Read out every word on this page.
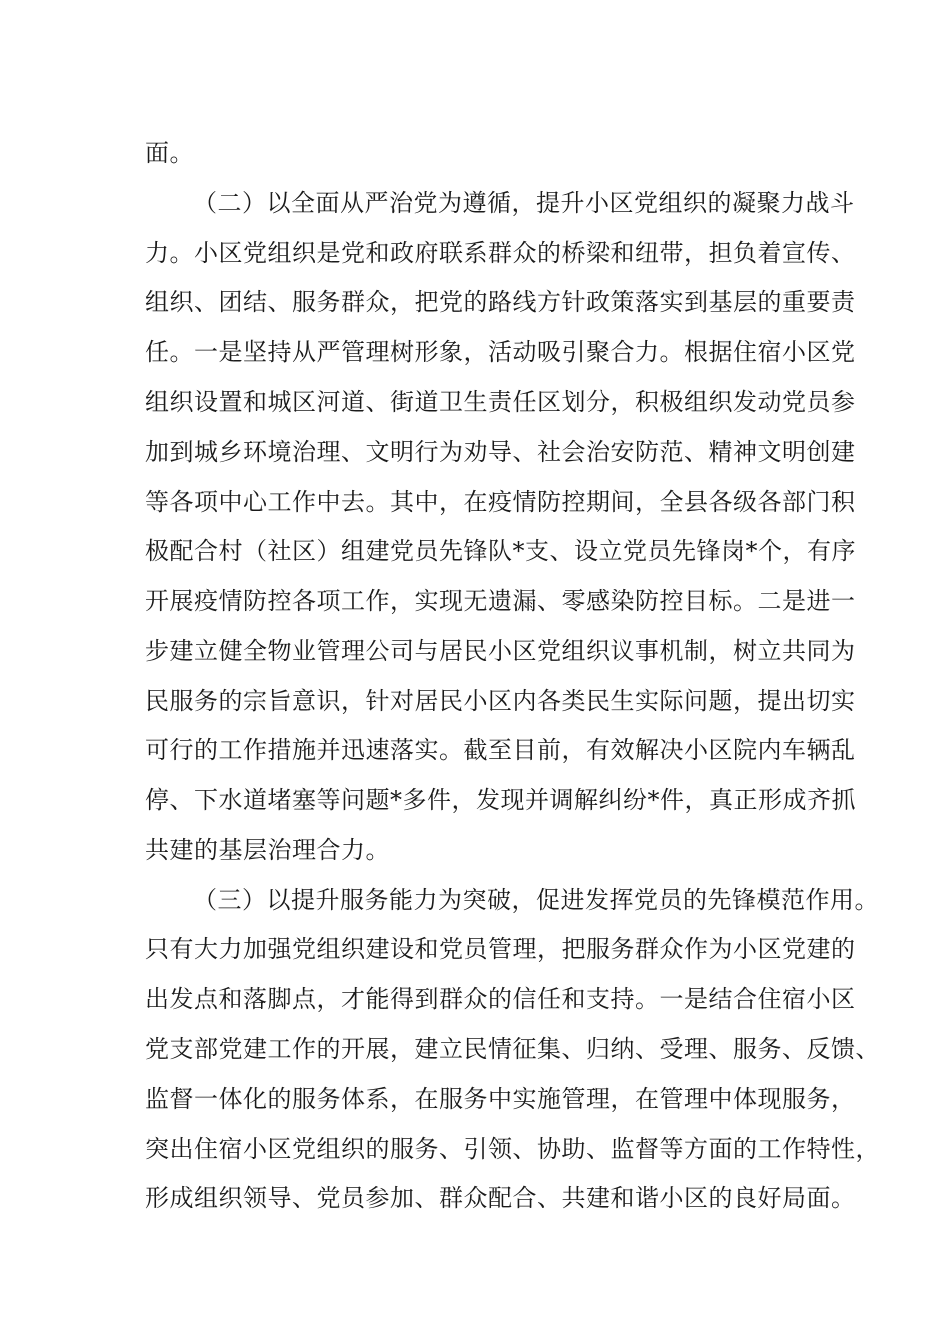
面。
（二）以全面从严治党为遵循，提升小区党组织的凝聚力战斗
力。小区党组织是党和政府联系群众的桥梁和纽带，担负着宣传、
组织、团结、服务群众，把党的路线方针政策落实到基层的重要责
任。一是坚持从严管理树形象，活动吸引聚合力。根据住宿小区党
组织设置和城区河道、街道卫生责任区划分，积极组织发动党员参
加到城乡环境治理、文明行为劝导、社会治安防范、精神文明创建
等各项中心工作中去。其中，在疫情防控期间，全县各级各部门积
极配合村（社区）组建党员先锋队*支、设立党员先锋岗*个，有序
开展疫情防控各项工作，实现无遗漏、零感染防控目标。二是进一
步建立健全物业管理公司与居民小区党组织议事机制，树立共同为
民服务的宗旨意识，针对居民小区内各类民生实际问题，提出切实
可行的工作措施并迅速落实。截至目前，有效解决小区院内车辆乱
停、下水道堵塞等问题*多件，发现并调解纠纷*件，真正形成齐抓
共建的基层治理合力。
（三）以提升服务能力为突破，促进发挥党员的先锋模范作用。
只有大力加强党组织建设和党员管理，把服务群众作为小区党建的
出发点和落脚点，才能得到群众的信任和支持。一是结合住宿小区
党支部党建工作的开展，建立民情征集、归纳、受理、服务、反馈、
监督一体化的服务体系，在服务中实施管理，在管理中体现服务，
突出住宿小区党组织的服务、引领、协助、监督等方面的工作特性，
形成组织领导、党员参加、群众配合、共建和谐小区的良好局面。
